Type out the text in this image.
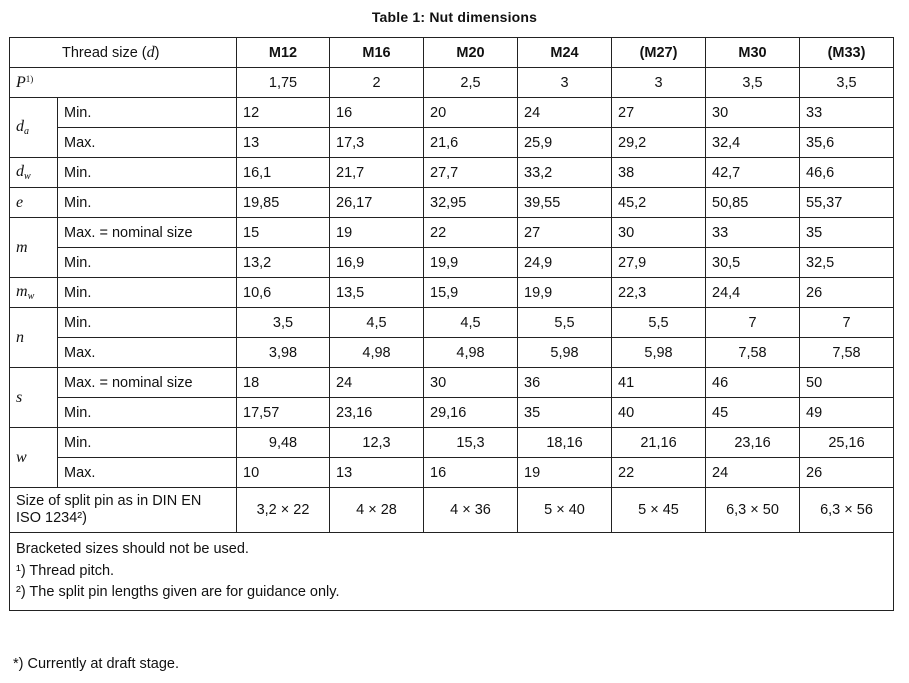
Table 1: Nut dimensions
Thread size (d)		M12	M16	M20	M24	(M27)	M30	(M33)
$P^{1)}$		1,75	2	2,5	3	3	3,5	3,5
$d_a$	Min.	12	16	20	24	27	30	33
	Max.	13	17,3	21,6	25,9	29,2	32,4	35,6
$d_w$	Min.	16,1	21,7	27,7	33,2	38	42,7	46,6
e	Min.	19,85	26,17	32,95	39,55	45,2	50,85	55,37
m	Max. = nominal size	15	19	22	27	30	33	35
	Min.	13,2	16,9	19,9	24,9	27,9	30,5	32,5
$m_w$	Min.	10,6	13,5	15,9	19,9	22,3	24,4	26
n	Min.	3,5	4,5	4,5	5,5	5,5	7	7
	Max.	3,98	4,98	4,98	5,98	5,98	7,58	7,58
s	Max. = nominal size	18	24	30	36	41	46	50
	Min.	17,57	23,16	29,16	35	40	45	49
w	Min.	9,48	12,3	15,3	18,16	21,16	23,16	25,16
	Max.	10	13	16	19	22	24	26
Size of split pin as in DIN EN ISO 1234²)		3,2 × 22	4 × 28	4 × 36	5 × 40	5 × 45	6,3 × 50	6,3 × 56

Bracketed sizes should not be used.
¹) Thread pitch.
²) The split pin lengths given are for guidance only.								
*) Currently at draft stage.
